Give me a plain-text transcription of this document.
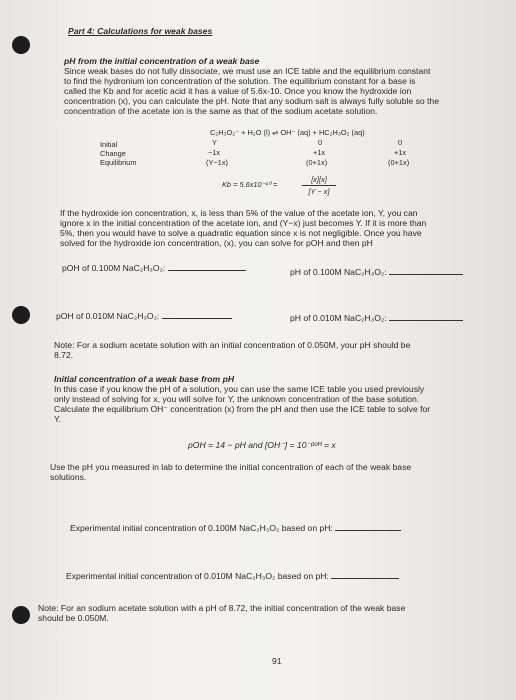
Part 4: Calculations for weak bases
pH from the initial concentration of a weak base
Since weak bases do not fully dissociate, we must use an ICE table and the equilibrium constant
to find the hydronium ion concentration of the solution. The equilibrium constant for a base is
called the Kb and for acetic acid it has a value of 5.6x-10. Once you know the hydroxide ion
concentration (x), you can calculate the pH. Note that any sodium salt is always fully soluble so the
concentration of the acetate ion is the same as that of the sodium acetate solution.
C₂H₃O₂⁻ + H₂O (l) ⇌ OH⁻ (aq) + HC₂H₃O₂ (aq)
Initial
Change
Equilibrium
Y
−1x
(Y−1x)
0
+1x
(0+1x)
0
+1x
(0+1x)
Kb = 5.6x10⁻¹⁰ =
[x][x]
[Y − x]
If the hydroxide ion concentration, x, is less than 5% of the value of the acetate ion, Y, you can
ignore x in the initial concentration of the acetate ion, and (Y−x) just becomes Y. If it is more than
5%, then you would have to solve a quadratic equation since x is not negligible. Once you have
solved for the hydroxide ion concentration, (x), you can solve for pOH and then pH
pOH of 0.100M NaC₂H₃O₂:	pH of 0.100M NaC₂H₃O₂:
pOH of 0.010M NaC₂H₃O₂:	pH of 0.010M NaC₂H₃O₂:
Note: For a sodium acetate solution with an initial concentration of 0.050M, your pH should be
8.72.
Initial concentration of a weak base from pH
In this case if you know the pH of a solution, you can use the same ICE table you used previously
only instead of solving for x, you will solve for Y, the unknown concentration of the base solution.
Calculate the equilibrium OH⁻ concentration (x) from the pH and then use the ICE table to solve for
Y.
pOH = 14 − pH and [OH⁻] = 10⁻ᵖᵒᴴ = x
Use the pH you measured in lab to determine the initial concentration of each of the weak base
solutions.
Experimental initial concentration of 0.100M NaC₂H₃O₂ based on pH:
Experimental initial concentration of 0.010M NaC₂H₃O₂ based on pH:
Note: For an sodium acetate solution with a pH of 8.72, the initial concentration of the weak base
should be 0.050M.
91
